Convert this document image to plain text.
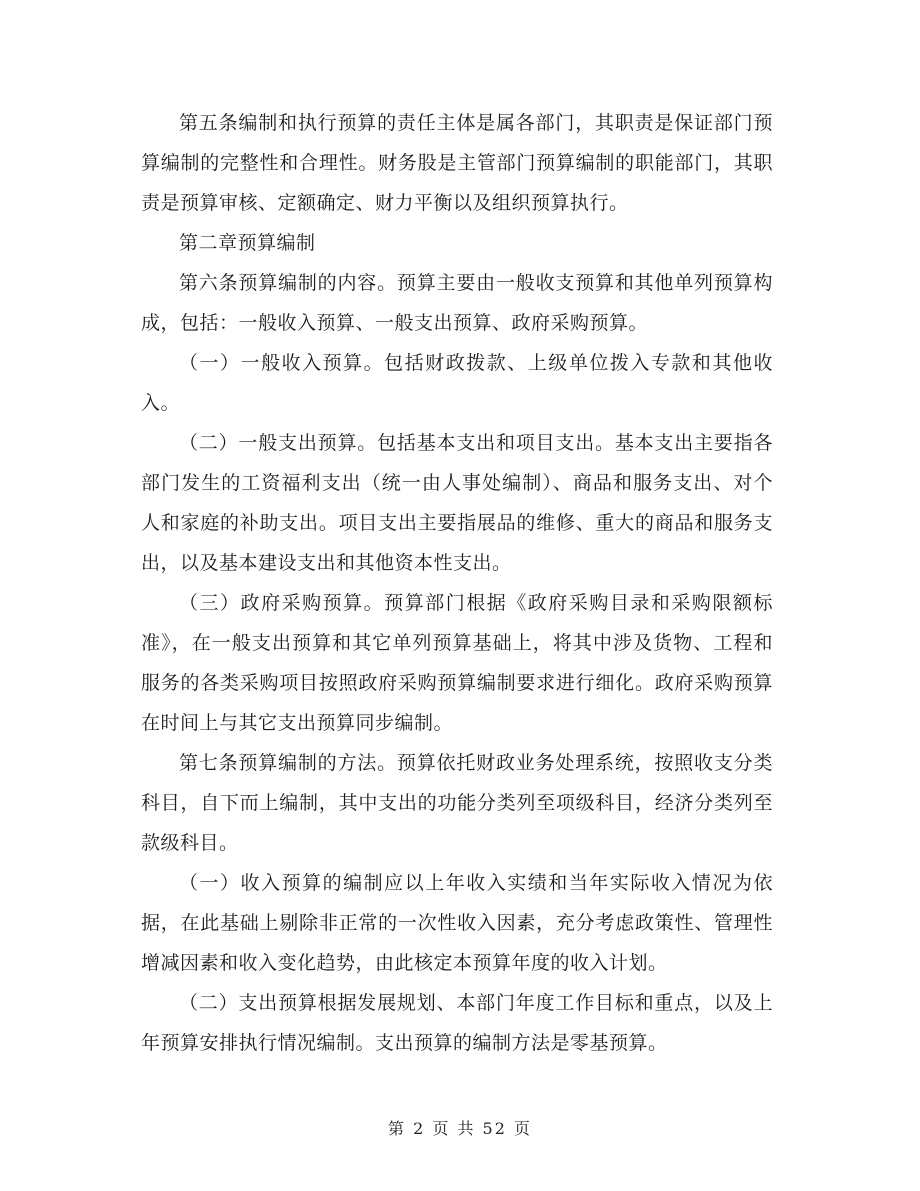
第五条编制和执行预算的责任主体是属各部门，其职责是保证部门预算编制的完整性和合理性。财务股是主管部门预算编制的职能部门，其职责是预算审核、定额确定、财力平衡以及组织预算执行。

第二章预算编制

第六条预算编制的内容。预算主要由一般收支预算和其他单列预算构成，包括：一般收入预算、一般支出预算、政府采购预算。

（一）一般收入预算。包括财政拨款、上级单位拨入专款和其他收入。

（二）一般支出预算。包括基本支出和项目支出。基本支出主要指各部门发生的工资福利支出（统一由人事处编制）、商品和服务支出、对个人和家庭的补助支出。项目支出主要指展品的维修、重大的商品和服务支出，以及基本建设支出和其他资本性支出。

（三）政府采购预算。预算部门根据《政府采购目录和采购限额标准》，在一般支出预算和其它单列预算基础上，将其中涉及货物、工程和服务的各类采购项目按照政府采购预算编制要求进行细化。政府采购预算在时间上与其它支出预算同步编制。

第七条预算编制的方法。预算依托财政业务处理系统，按照收支分类科目，自下而上编制，其中支出的功能分类列至项级科目，经济分类列至款级科目。

（一）收入预算的编制应以上年收入实绩和当年实际收入情况为依据，在此基础上剔除非正常的一次性收入因素，充分考虑政策性、管理性增减因素和收入变化趋势，由此核定本预算年度的收入计划。

（二）支出预算根据发展规划、本部门年度工作目标和重点，以及上年预算安排执行情况编制。支出预算的编制方法是零基预算。

第 2 页 共 52 页
